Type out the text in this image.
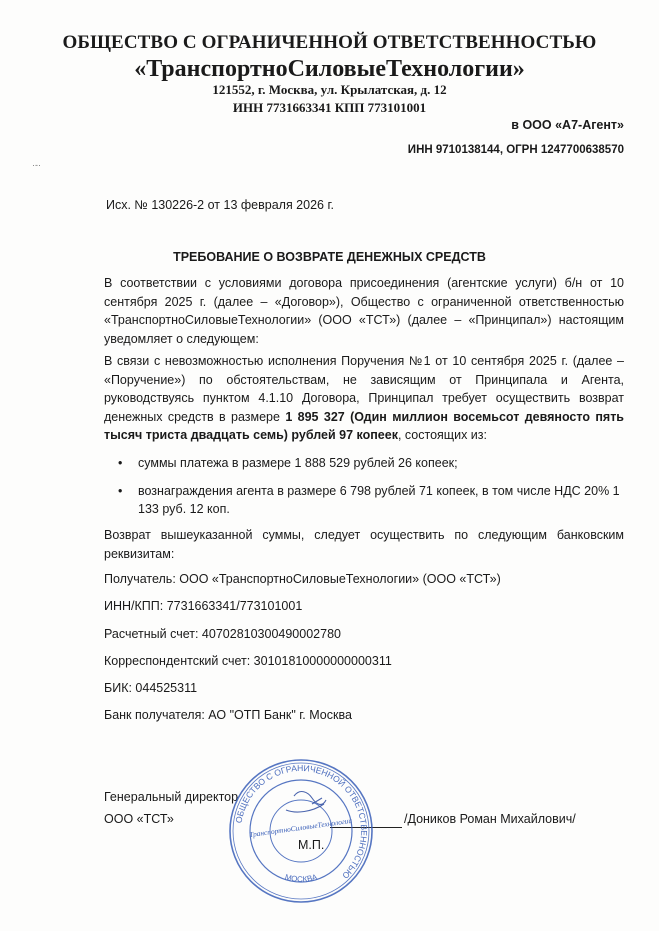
ОБЩЕСТВО С ОГРАНИЧЕННОЙ ОТВЕТСТВЕННОСТЬЮ
«ТранспортноСиловыеТехнологии»
121552, г. Москва, ул. Крылатская, д. 12
ИНН 7731663341 КПП 773101001
в ООО «А7-Агент»
ИНН 9710138144, ОГРН 1247700638570
·‑·
Исх. № 130226-2 от 13 февраля 2026 г.
ТРЕБОВАНИЕ О ВОЗВРАТЕ ДЕНЕЖНЫХ СРЕДСТВ
В соответствии с условиями договора присоединения (агентские услуги) б/н от 10 сентября 2025 г. (далее – «Договор»), Общество с ограниченной ответственностью «ТранспортноСиловыеТехнологии» (ООО «ТСТ») (далее – «Принципал») настоящим уведомляет о следующем:
В связи с невозможностью исполнения Поручения №1 от 10 сентября 2025 г. (далее – «Поручение») по обстоятельствам, не зависящим от Принципала и Агента, руководствуясь пунктом 4.1.10 Договора, Принципал требует осуществить возврат денежных средств в размере 1 895 327 (Один миллион восемьсот девяносто пять тысяч триста двадцать семь) рублей 97 копеек, состоящих из:
• суммы платежа в размере 1 888 529 рублей 26 копеек;
• вознаграждения агента в размере 6 798 рублей 71 копеек, в том числе НДС 20% 1 133 руб. 12 коп.
Возврат вышеуказанной суммы, следует осуществить по следующим банковским реквизитам:
Получатель: ООО «ТранспортноСиловыеТехнологии» (ООО «ТСТ»)
ИНН/КПП: 7731663341/773101001
Расчетный счет: 40702810300490002780
Корреспондентский счет: 30101810000000000311
БИК: 044525311
Банк получателя: АО "ОТП Банк" г. Москва
Генеральный директор
ООО «ТСТ»	/Доников Роман Михайлович/
ОБЩЕСТВО С ОГРАНИЧЕННОЙ ОТВЕТСТВЕННОСТЬЮ
МОСКВА
ТранспортноСиловыеТехнологии
М.П.
